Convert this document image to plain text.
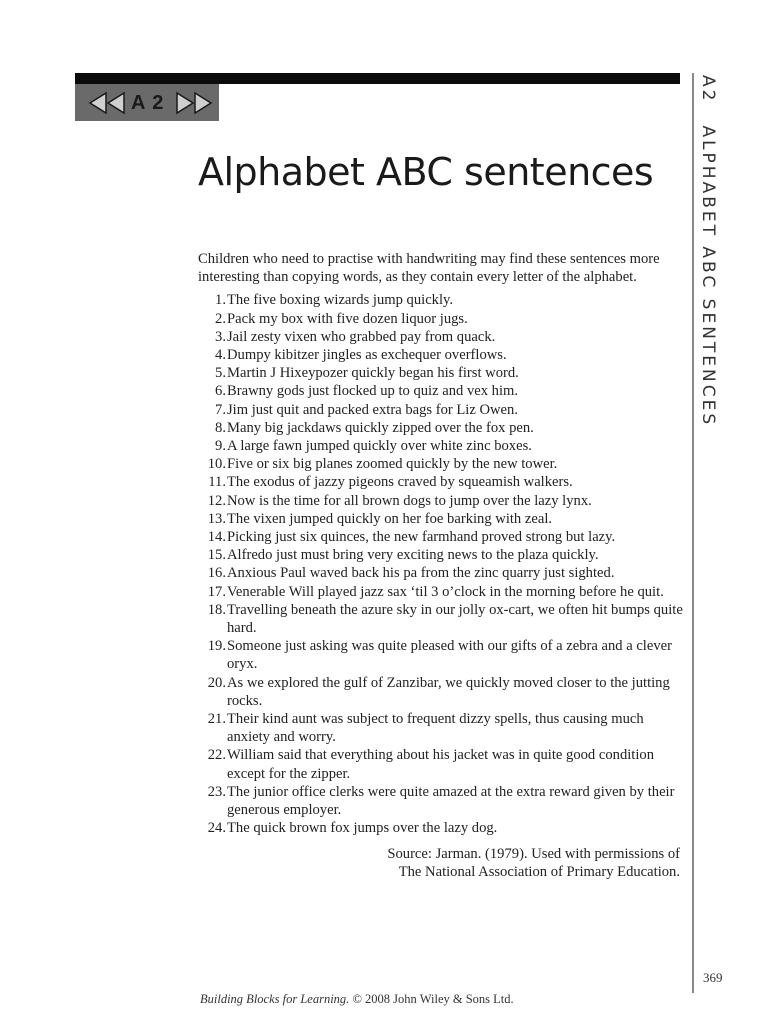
A 2
Alphabet ABC sentences

Children who need to practise with handwriting may find these sentences more interesting than copying words, as they contain every letter of the alphabet.

1. The five boxing wizards jump quickly.
2. Pack my box with five dozen liquor jugs.
3. Jail zesty vixen who grabbed pay from quack.
4. Dumpy kibitzer jingles as exchequer overflows.
5. Martin J Hixeypozer quickly began his first word.
6. Brawny gods just flocked up to quiz and vex him.
7. Jim just quit and packed extra bags for Liz Owen.
8. Many big jackdaws quickly zipped over the fox pen.
9. A large fawn jumped quickly over white zinc boxes.
10. Five or six big planes zoomed quickly by the new tower.
11. The exodus of jazzy pigeons craved by squeamish walkers.
12. Now is the time for all brown dogs to jump over the lazy lynx.
13. The vixen jumped quickly on her foe barking with zeal.
14. Picking just six quinces, the new farmhand proved strong but lazy.
15. Alfredo just must bring very exciting news to the plaza quickly.
16. Anxious Paul waved back his pa from the zinc quarry just sighted.
17. Venerable Will played jazz sax ‘til 3 o’clock in the morning before he quit.
18. Travelling beneath the azure sky in our jolly ox-cart, we often hit bumps quite hard.
19. Someone just asking was quite pleased with our gifts of a zebra and a clever oryx.
20. As we explored the gulf of Zanzibar, we quickly moved closer to the jutting rocks.
21. Their kind aunt was subject to frequent dizzy spells, thus causing much anxiety and worry.
22. William said that everything about his jacket was in quite good condition except for the zipper.
23. The junior office clerks were quite amazed at the extra reward given by their generous employer.
24. The quick brown fox jumps over the lazy dog.
Source: Jarman. (1979). Used with permissions of
The National Association of Primary Education.
A2ALPHABET ABC SENTENCES
369
Building Blocks for Learning. © 2008 John Wiley & Sons Ltd.
